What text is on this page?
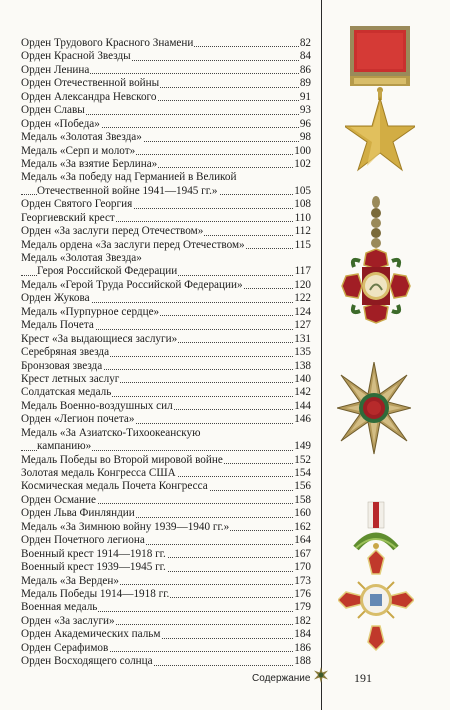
Орден Трудового Красного Знамени	82
Орден Красной Звезды	84
Орден Ленина	86
Орден Отечественной войны	89
Орден Александра Невского	91
Орден Славы	93
Орден «Победа»	96
Медаль «Золотая Звезда»	98
Медаль «Серп и молот»	100
Медаль «За взятие Берлина»	102
Медаль «За победу над Германией в Великой
Отечественной войне 1941—1945 гг.»	105
Орден Святого Георгия	108
Георгиевский крест	110
Орден «За заслуги перед Отечеством»	112
Медаль ордена «За заслуги перед Отечеством»	115
Медаль «Золотая Звезда»
Героя Российской Федерации	117
Медаль «Герой Труда Российской Федерации»	120
Орден Жукова	122
Медаль «Пурпурное сердце»	124
Медаль Почета	127
Крест «За выдающиеся заслуги»	131
Серебряная звезда	135
Бронзовая звезда	138
Крест летных заслуг	140
Солдатская медаль	142
Медаль Военно-воздушных сил	144
Орден «Легион почета»	146
Медаль «За Азиатско-Тихоокеанскую
кампанию»	149
Медаль Победы во Второй мировой войне	152
Золотая медаль Конгресса США	154
Космическая медаль Почета Конгресса	156
Орден Османие	158
Орден Льва Финляндии	160
Медаль «За Зимнюю войну 1939—1940 гг.»	162
Орден Почетного легиона	164
Военный крест 1914—1918 гг.	167
Военный крест 1939—1945 гг.	170
Медаль «За Верден»	173
Медаль Победы 1914—1918 гг.	176
Военная медаль	179
Орден «За заслуги»	182
Орден Академических пальм	184
Орден Серафимов	186
Орден Восходящего солнца	188
Содержание	191
